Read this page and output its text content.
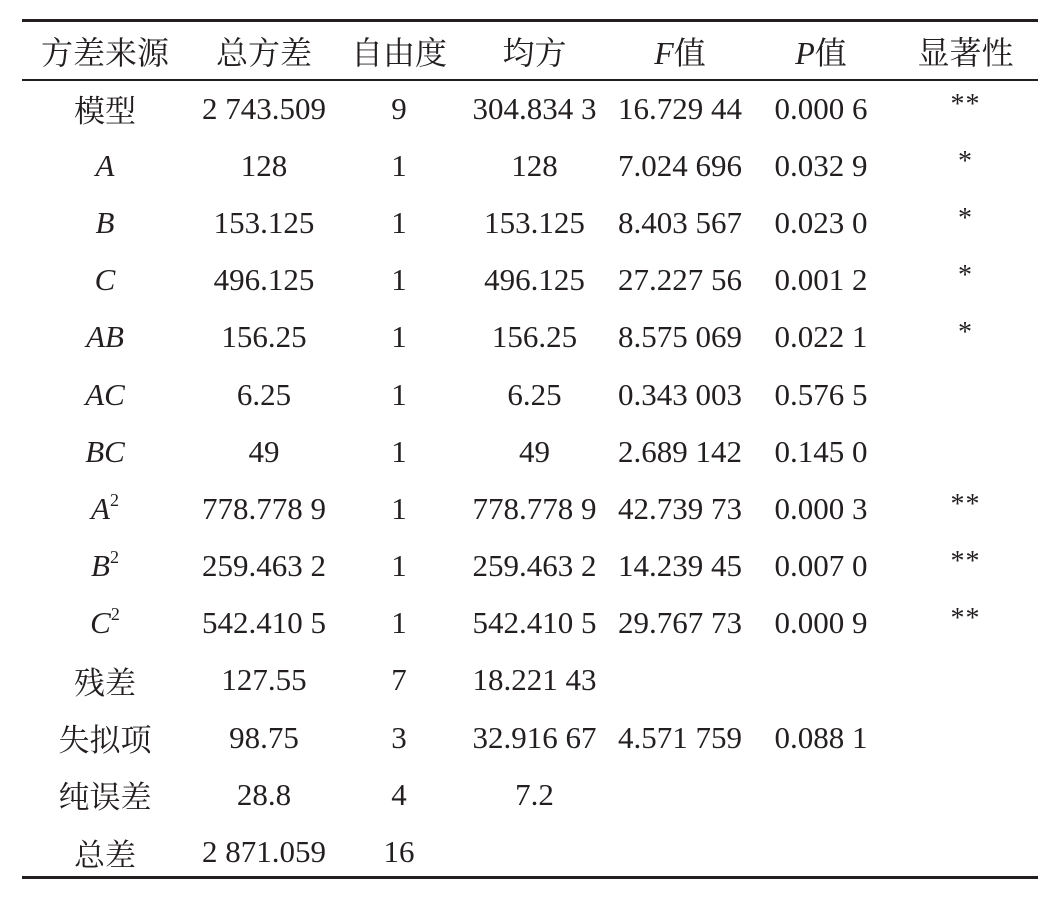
方差来源	总方差	自由度	均方	F值	P值	显著性
模型	2 743.509	9	304.834 3	16.729 44	0.000 6	**
A	128	1	128	7.024 696	0.032 9	*
B	153.125	1	153.125	8.403 567	0.023 0	*
C	496.125	1	496.125	27.227 56	0.001 2	*
AB	156.25	1	156.25	8.575 069	0.022 1	*
AC	6.25	1	6.25	0.343 003	0.576 5	
BC	49	1	49	2.689 142	0.145 0	
$A^2$	778.778 9	1	778.778 9	42.739 73	0.000 3	**
$B^2$	259.463 2	1	259.463 2	14.239 45	0.007 0	**
$C^2$	542.410 5	1	542.410 5	29.767 73	0.000 9	**
残差	127.55	7	18.221 43			
失拟项	98.75	3	32.916 67	4.571 759	0.088 1	
纯误差	28.8	4	7.2			
总差	2 871.059	16				
